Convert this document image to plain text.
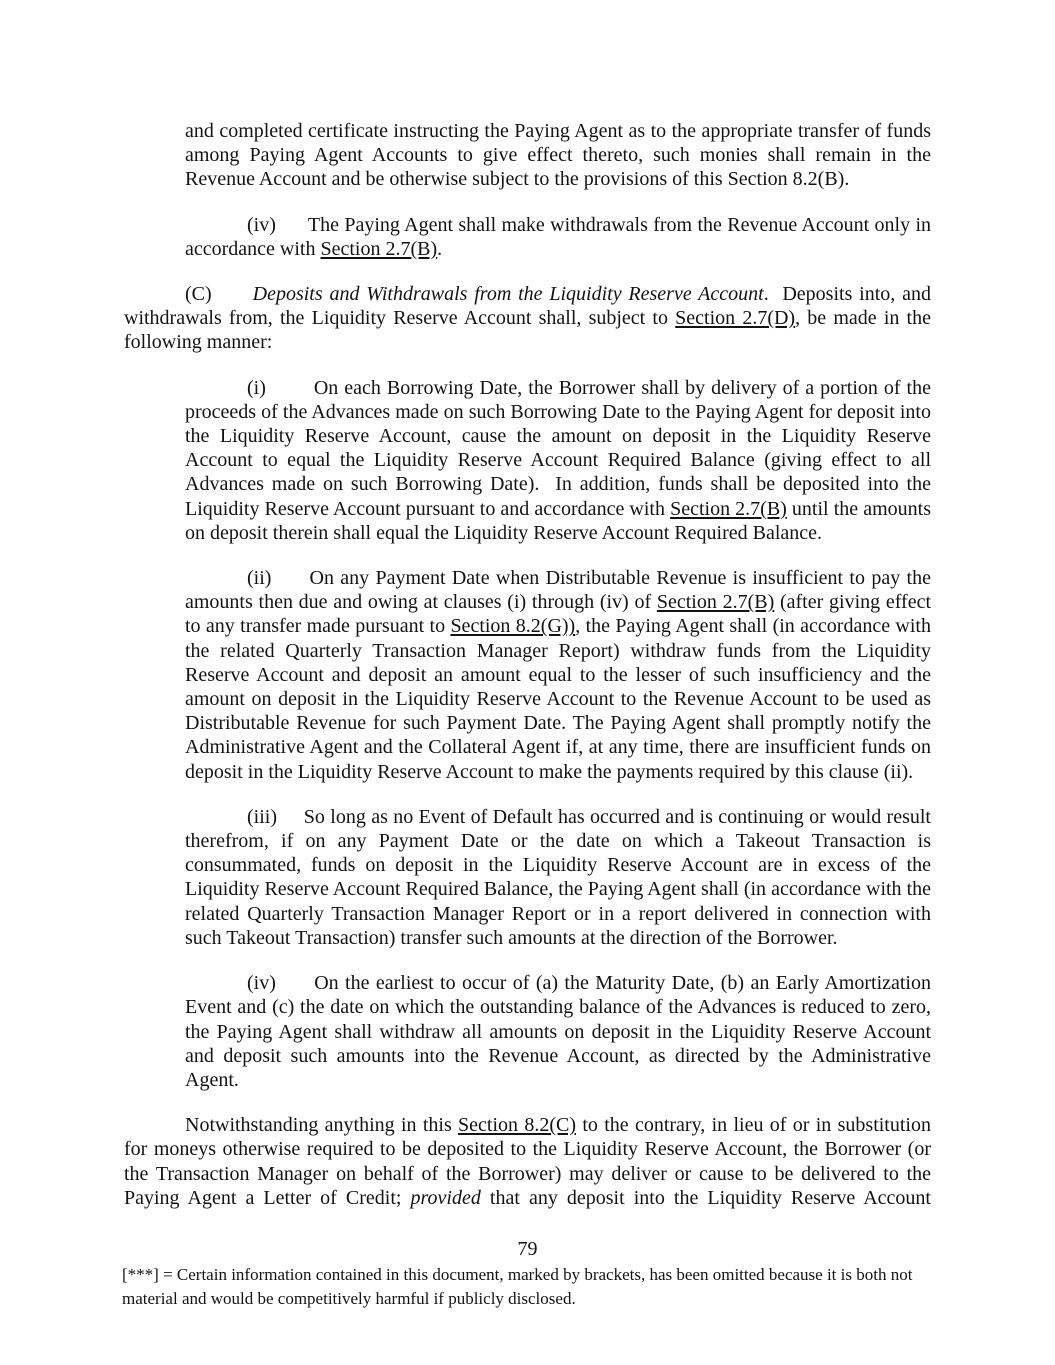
and completed certificate instructing the Paying Agent as to the appropriate transfer of funds among Paying Agent Accounts to give effect thereto, such monies shall remain in the Revenue Account and be otherwise subject to the provisions of this Section 8.2(B).

(iv)      The Paying Agent shall make withdrawals from the Revenue Account only in accordance with Section 2.7(B).

(C)      Deposits and Withdrawals from the Liquidity Reserve Account.  Deposits into, and withdrawals from, the Liquidity Reserve Account shall, subject to Section 2.7(D), be made in the following manner:

(i)        On each Borrowing Date, the Borrower shall by delivery of a portion of the proceeds of the Advances made on such Borrowing Date to the Paying Agent for deposit into the Liquidity Reserve Account, cause the amount on deposit in the Liquidity Reserve Account to equal the Liquidity Reserve Account Required Balance (giving effect to all Advances made on such Borrowing Date).  In addition, funds shall be deposited into the Liquidity Reserve Account pursuant to and accordance with Section 2.7(B) until the amounts on deposit therein shall equal the Liquidity Reserve Account Required Balance.

(ii)      On any Payment Date when Distributable Revenue is insufficient to pay the amounts then due and owing at clauses (i) through (iv) of Section 2.7(B) (after giving effect to any transfer made pursuant to Section 8.2(G)), the Paying Agent shall (in accordance with the related Quarterly Transaction Manager Report) withdraw funds from the Liquidity Reserve Account and deposit an amount equal to the lesser of such insufficiency and the amount on deposit in the Liquidity Reserve Account to the Revenue Account to be used as Distributable Revenue for such Payment Date. The Paying Agent shall promptly notify the Administrative Agent and the Collateral Agent if, at any time, there are insufficient funds on deposit in the Liquidity Reserve Account to make the payments required by this clause (ii).

(iii)     So long as no Event of Default has occurred and is continuing or would result therefrom, if on any Payment Date or the date on which a Takeout Transaction is consummated, funds on deposit in the Liquidity Reserve Account are in excess of the Liquidity Reserve Account Required Balance, the Paying Agent shall (in accordance with the related Quarterly Transaction Manager Report or in a report delivered in connection with such Takeout Transaction) transfer such amounts at the direction of the Borrower.

(iv)      On the earliest to occur of (a) the Maturity Date, (b) an Early Amortization Event and (c) the date on which the outstanding balance of the Advances is reduced to zero, the Paying Agent shall withdraw all amounts on deposit in the Liquidity Reserve Account and deposit such amounts into the Revenue Account, as directed by the Administrative Agent.

Notwithstanding anything in this Section 8.2(C) to the contrary, in lieu of or in substitution for moneys otherwise required to be deposited to the Liquidity Reserve Account, the Borrower (or the Transaction Manager on behalf of the Borrower) may deliver or cause to be delivered to the Paying Agent a Letter of Credit; provided that any deposit into the Liquidity Reserve Account

79
[***] = Certain information contained in this document, marked by brackets, has been omitted because it is both not
material and would be competitively harmful if publicly disclosed.
